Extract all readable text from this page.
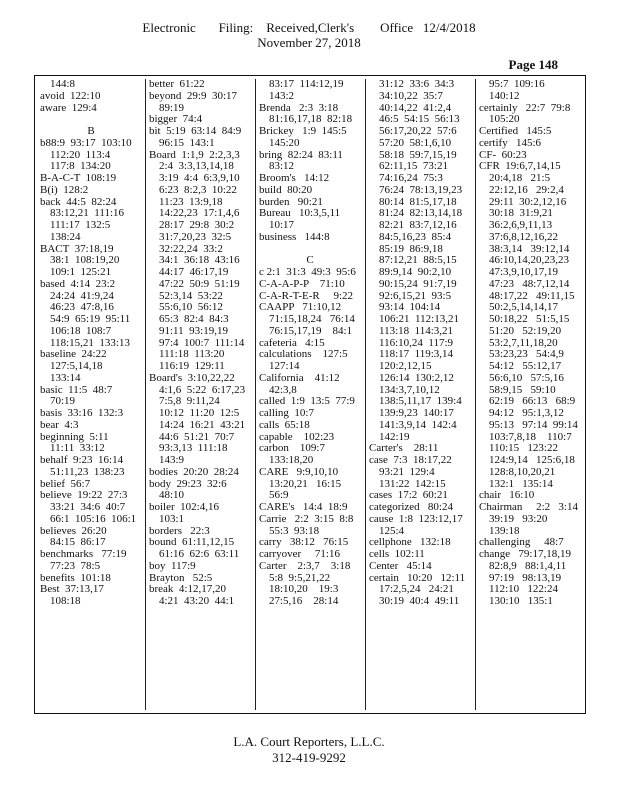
Electronic       Filing:    Received,Clerk's        Office   12/4/2018
November 27, 2018
Page 148
144:8
avoid  122:10
aware  129:4
B
b88:9  93:17  103:10
112:20  113:4
117:8  134:20
B-A-C-T  108:19
B(i)  128:2
back  44:5  82:24
83:12,21  111:16
111:17  132:5
138:24
BACT  37:18,19
38:1  108:19,20
109:1  125:21
based  4:14  23:2
24:24  41:9,24
46:23  47:8,16
54:9  65:19  95:11
106:18  108:7
118:15,21  133:13
baseline  24:22
127:5,14,18
133:14
basic  11:5  48:7
70:19
basis  33:16  132:3
bear  4:3
beginning  5:11
11:11  33:12
behalf  9:23  16:14
51:11,23  138:23
belief  56:7
believe  19:22  27:3
33:21  34:6  40:7
66:1  105:16  106:1
believes  26:20
84:15  86:17
benchmarks   77:19
77:23  78:5
benefits  101:18
Best  37:13,17
108:18
better  61:22
beyond  29:9  30:17
89:19
bigger  74:4
bit  5:19  63:14  84:9
96:15  143:1
Board  1:1,9  2:2,3,3
2:4  3:3,13,14,18
3:19  4:4  6:3,9,10
6:23  8:2,3  10:22
11:23  13:9,18
14:22,23  17:1,4,6
28:17  29:8  30:2
31:7,20,23  32:5
32:22,24  33:2
34:1  36:18  43:16
44:17  46:17,19
47:22  50:9  51:19
52:3,14  53:22
55:6,10  56:12
65:3  82:4  84:3
91:11  93:19,19
97:4  100:7  111:14
111:18  113:20
116:19  129:11
Board's  3:10,22,22
4:1,6  5:22  6:17,23
7:5,8  9:11,24
10:12  11:20  12:5
14:24  16:21  43:21
44:6  51:21  70:7
93:3,13  111:18
143:9
bodies  20:20  28:24
body  29:23  32:6
48:10
boiler  102:4,16
103:1
borders   22:3
bound  61:11,12,15
61:16  62:6  63:11
boy  117:9
Brayton   52:5
break  4:12,17,20
4:21  43:20  44:1
83:17  114:12,19
143:2
Brenda   2:3  3:18
81:16,17,18  82:18
Brickey   1:9  145:5
145:20
bring  82:24  83:11
83:12
Broom's   14:12
build  80:20
burden   90:21
Bureau   10:3,5,11
10:17
business   144:8
C
c 2:1  31:3  49:3  95:6
C-A-A-P-P    71:10
C-A-R-T-E-R     9:22
CAAPP   71:10,12
71:15,18,24   76:14
76:15,17,19    84:1
cafeteria   4:15
calculations    127:5
127:14
California    41:12
42:3,8
called  1:9  13:5  77:9
calling  10:7
calls  65:18
capable    102:23
carbon    109:7
133:18,20
CARE   9:9,10,10
13:20,21   16:15
56:9
CARE's   14:4  18:9
Carrie   2:2  3:15  8:8
55:3  93:18
carry   38:12   76:15
carryover     71:16
Carter    2:3,7    3:18
5:8  9:5,21,22
18:10,20    19:3
27:5,16    28:14
31:12  33:6  34:3
34:10,22  35:7
40:14,22  41:2,4
46:5  54:15  56:13
56:17,20,22  57:6
57:20  58:1,6,10
58:18  59:7,15,19
62:11,15  73:21
74:16,24  75:3
76:24  78:13,19,23
80:14  81:5,17,18
81:24  82:13,14,18
82:21  83:7,12,16
84:5,16,23  85:4
85:19  86:9,18
87:12,21  88:5,15
89:9,14  90:2,10
90:15,24  91:7,19
92:6,15,21  93:5
93:14  104:14
106:21  112:13,21
113:18  114:3,21
116:10,24  117:9
118:17  119:3,14
120:2,12,15
126:14  130:2,12
134:3,7,10,12
138:5,11,17  139:4
139:9,23  140:17
141:3,9,14  142:4
142:19
Carter's    28:11
case  7:3  18:17,22
93:21  129:4
131:22  142:15
cases  17:2  60:21
categorized   80:24
cause  1:8  123:12,17
125:4
cellphone   132:18
cells  102:11
Center   45:14
certain   10:20   12:11
17:2,5,24   24:21
30:19  40:4  49:11
95:7  109:16
140:12
certainly   22:7  79:8
105:20
Certified   145:5
certify   145:6
CF-  60:23
CFR  19:6,7,14,15
20:4,18   21:5
22:12,16   29:2,4
29:11  30:2,12,16
30:18  31:9,21
36:2,6,9,11,13
37:6,8,12,16,22
38:3,14   39:12,14
46:10,14,20,23,23
47:3,9,10,17,19
47:23   48:7,12,14
48:17,22   49:11,15
50:2,5,14,14,17
50:18,22   51:5,15
51:20   52:19,20
53:2,7,11,18,20
53:23,23   54:4,9
54:12   55:12,17
56:6,10   57:5,16
58:9,15   59:10
62:19   66:13   68:9
94:12   95:1,3,12
95:13   97:14  99:14
103:7,8,18    110:7
110:15   123:22
124:9,14   125:6,18
128:8,10,20,21
132:1   135:14
chair   16:10
Chairman     2:2   3:14
39:19   93:20
139:18
challenging     48:7
change   79:17,18,19
82:8,9   88:1,4,11
97:19   98:13,19
112:10   122:24
130:10   135:1
L.A. Court Reporters, L.L.C.
312-419-9292
